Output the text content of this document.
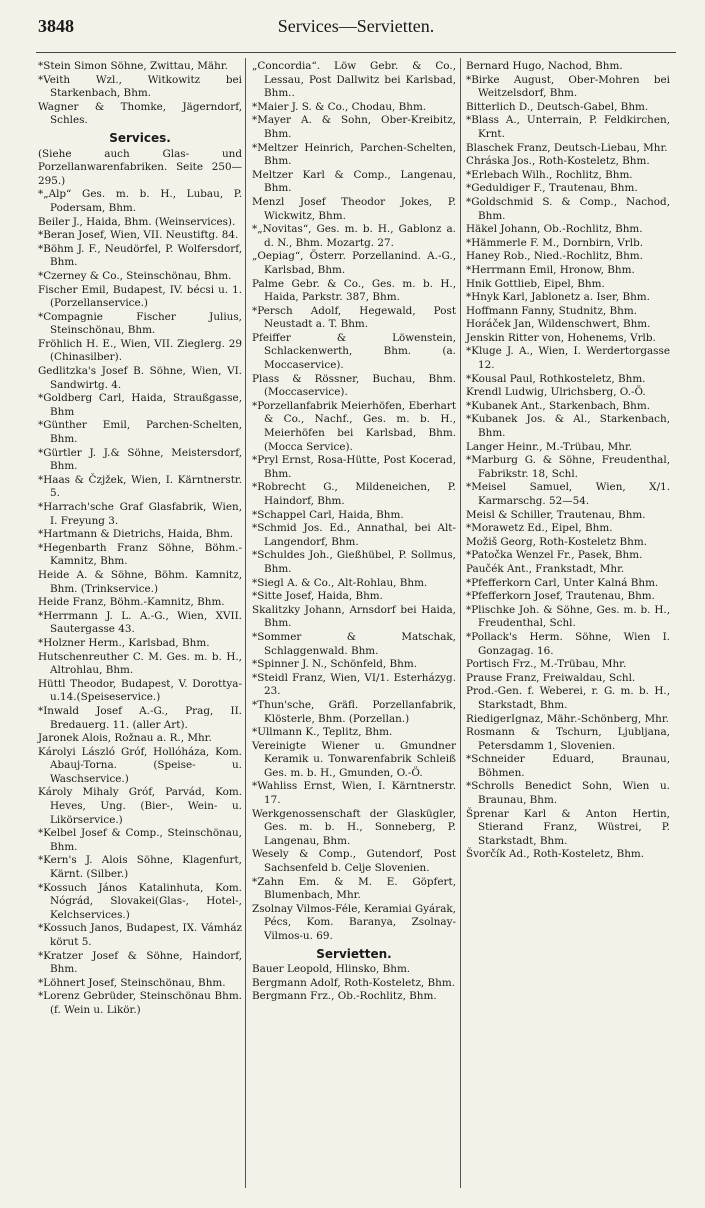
3848	Services—Servietten.
*Stein Simon Söhne, Zwittau, Mähr.
*Veith Wzl., Witkowitz bei Starkenbach, Bhm.
Wagner & Thomke, Jägerndorf, Schles.
Services.
(Siehe auch Glas- und Porzellanwarenfabriken. Seite 250—295.)
*„Alp“ Ges. m. b. H., Lubau, P. Podersam, Bhm.
Beiler J., Haida, Bhm. (Weinservices).
*Beran Josef, Wien, VII. Neustiftg. 84.
*Böhm J. F., Neudörfel, P. Wolfersdorf, Bhm.
*Czerney & Co., Steinschönau, Bhm.
Fischer Emil, Budapest, IV. bécsi u. 1. (Porzellanservice.)
*Compagnie Fischer Julius, Steinschönau, Bhm.
Fröhlich H. E., Wien, VII. Zieglerg. 29 (Chinasilber).
Gedlitzka's Josef B. Söhne, Wien, VI. Sandwirtg. 4.
*Goldberg Carl, Haida, Straußgasse, Bhm
*Günther Emil, Parchen-Schelten, Bhm.
*Gürtler J. J.& Söhne, Meistersdorf, Bhm.
*Haas & Čzjžek, Wien, I. Kärntnerstr. 5.
*Harrach'sche Graf Glasfabrik, Wien, I. Freyung 3.
*Hartmann & Dietrichs, Haida, Bhm.
*Hegenbarth Franz Söhne, Böhm.-Kamnitz, Bhm.
Heide A. & Söhne, Böhm. Kamnitz, Bhm. (Trinkservice.)
Heide Franz, Böhm.-Kamnitz, Bhm.
*Herrmann J. L. A.-G., Wien, XVII. Sautergasse 43.
*Holzner Herm., Karlsbad, Bhm.
Hutschenreuther C. M. Ges. m. b. H., Altrohlau, Bhm.
Hüttl Theodor, Budapest, V. Dorottya-u.14.(Speiseservice.)
*Inwald Josef A.-G., Prag, II. Bredauerg. 11. (aller Art).
Jaronek Alois, Rožnau a. R., Mhr.
Károlyi László Gróf, Hollóháza, Kom. Abauj-Torna. (Speise- u. Waschservice.)
Károly Mihaly Gróf, Parvád, Kom. Heves, Ung. (Bier-, Wein- u. Likörservice.)
*Kelbel Josef & Comp., Steinschönau, Bhm.
*Kern's J. Alois Söhne, Klagenfurt, Kärnt. (Silber.)
*Kossuch János Katalinhuta, Kom. Nógrád, Slovakei(Glas-, Hotel-, Kelchservices.)
*Kossuch Janos, Budapest, IX. Vámház körut 5.
*Kratzer Josef & Söhne, Haindorf, Bhm.
*Löhnert Josef, Steinschönau, Bhm.
*Lorenz Gebrüder, Steinschönau Bhm. (f. Wein u. Likör.)
„Concordia“. Löw Gebr. & Co., Lessau, Post Dallwitz bei Karlsbad, Bhm..
*Maier J. S. & Co., Chodau, Bhm.
*Mayer A. & Sohn, Ober-Kreibitz, Bhm.
*Meltzer Heinrich, Parchen-Schelten, Bhm.
Meltzer Karl & Comp., Langenau, Bhm.
Menzl Josef Theodor Jokes, P. Wickwitz, Bhm.
*„Novitas“, Ges. m. b. H., Gablonz a. d. N., Bhm. Mozartg. 27.
„Oepiag“, Österr. Porzellanind. A.-G., Karlsbad, Bhm.
Palme Gebr. & Co., Ges. m. b. H., Haida, Parkstr. 387, Bhm.
*Persch Adolf, Hegewald, Post Neustadt a. T. Bhm.
Pfeiffer & Löwenstein, Schlackenwerth, Bhm. (a. Moccaservice).
Plass & Rössner, Buchau, Bhm. (Moccaservice).
*Porzellanfabrik Meierhöfen, Eberhart & Co., Nachf., Ges. m. b. H., Meierhöfen bei Karlsbad, Bhm. (Mocca Service).
*Pryl Ernst, Rosa-Hütte, Post Kocerad, Bhm.
*Robrecht G., Mildeneichen, P. Haindorf, Bhm.
*Schappel Carl, Haida, Bhm.
*Schmid Jos. Ed., Annathal, bei Alt-Langendorf, Bhm.
*Schuldes Joh., Gießhübel, P. Sollmus, Bhm.
*Siegl A. & Co., Alt-Rohlau, Bhm.
*Sitte Josef, Haida, Bhm.
Skalitzky Johann, Arnsdorf bei Haida, Bhm.
*Sommer & Matschak, Schlaggenwald. Bhm.
*Spinner J. N., Schönfeld, Bhm.
*Steidl Franz, Wien, VI/1. Esterházyg. 23.
*Thun'sche, Gräfl. Porzellanfabrik, Klösterle, Bhm. (Porzellan.)
*Ullmann K., Teplitz, Bhm.
Vereinigte Wiener u. Gmundner Keramik u. Tonwarenfabrik Schleiß Ges. m. b. H., Gmunden, O.-Ö.
*Wahliss Ernst, Wien, I. Kärntnerstr. 17.
Werkgenossenschaft der Glaskügler, Ges. m. b. H., Sonneberg, P. Langenau, Bhm.
Wesely & Comp., Gutendorf, Post Sachsenfeld b. Celje Slovenien.
*Zahn Em. & M. E. Göpfert, Blumenbach, Mhr.
Zsolnay Vilmos-Féle, Keramiai Gyárak, Pécs, Kom. Baranya, Zsolnay-Vilmos-u. 69.
Servietten.
Bauer Leopold, Hlinsko, Bhm.
Bergmann Adolf, Roth-Kosteletz, Bhm.
Bergmann Frz., Ob.-Rochlitz, Bhm.
Bernard Hugo, Nachod, Bhm.
*Birke August, Ober-Mohren bei Weitzelsdorf, Bhm.
Bitterlich D., Deutsch-Gabel, Bhm.
*Blass A., Unterrain, P. Feldkirchen, Krnt.
Blaschek Franz, Deutsch-Liebau, Mhr.
Chráska Jos., Roth-Kosteletz, Bhm.
*Erlebach Wilh., Rochlitz, Bhm.
*Geduldiger F., Trautenau, Bhm.
*Goldschmid S. & Comp., Nachod, Bhm.
Häkel Johann, Ob.-Rochlitz, Bhm.
*Hämmerle F. M., Dornbirn, Vrlb.
Haney Rob., Nied.-Rochlitz, Bhm.
*Herrmann Emil, Hronow, Bhm.
Hnik Gottlieb, Eipel, Bhm.
*Hnyk Karl, Jablonetz a. Iser, Bhm.
Hoffmann Fanny, Studnitz, Bhm.
Horáček Jan, Wildenschwert, Bhm.
Jenskin Ritter von, Hohenems, Vrlb.
*Kluge J. A., Wien, I. Werdertorgasse 12.
*Kousal Paul, Rothkosteletz, Bhm.
Krendl Ludwig, Ulrichsberg, O.-Ö.
*Kubanek Ant., Starkenbach, Bhm.
*Kubanek Jos. & Al., Starkenbach, Bhm.
Langer Heinr., M.-Trübau, Mhr.
*Marburg G. & Söhne, Freudenthal, Fabrikstr. 18, Schl.
*Meisel Samuel, Wien, X/1. Karmarschg. 52—54.
Meisl & Schiller, Trautenau, Bhm.
*Morawetz Ed., Eipel, Bhm.
Možiš Georg, Roth-Kosteletz Bhm.
*Patočka Wenzel Fr., Pasek, Bhm.
Paučék Ant., Frankstadt, Mhr.
*Pfefferkorn Carl, Unter Kalná Bhm.
*Pfefferkorn Josef, Trautenau, Bhm.
*Plischke Joh. & Söhne, Ges. m. b. H., Freudenthal, Schl.
*Pollack's Herm. Söhne, Wien I. Gonzagag. 16.
Portisch Frz., M.-Trübau, Mhr.
Prause Franz, Freiwaldau, Schl.
Prod.-Gen. f. Weberei, r. G. m. b. H., Starkstadt, Bhm.
RiedigerIgnaz, Mähr.-Schönberg, Mhr.
Rosmann & Tschurn, Ljubljana, Petersdamm 1, Slovenien.
*Schneider Eduard, Braunau, Böhmen.
*Schrolls Benedict Sohn, Wien u. Braunau, Bhm.
Šprenar Karl & Anton Hertin, Stierand Franz, Wüstrei, P. Starkstadt, Bhm.
Švorčík Ad., Roth-Kosteletz, Bhm.
